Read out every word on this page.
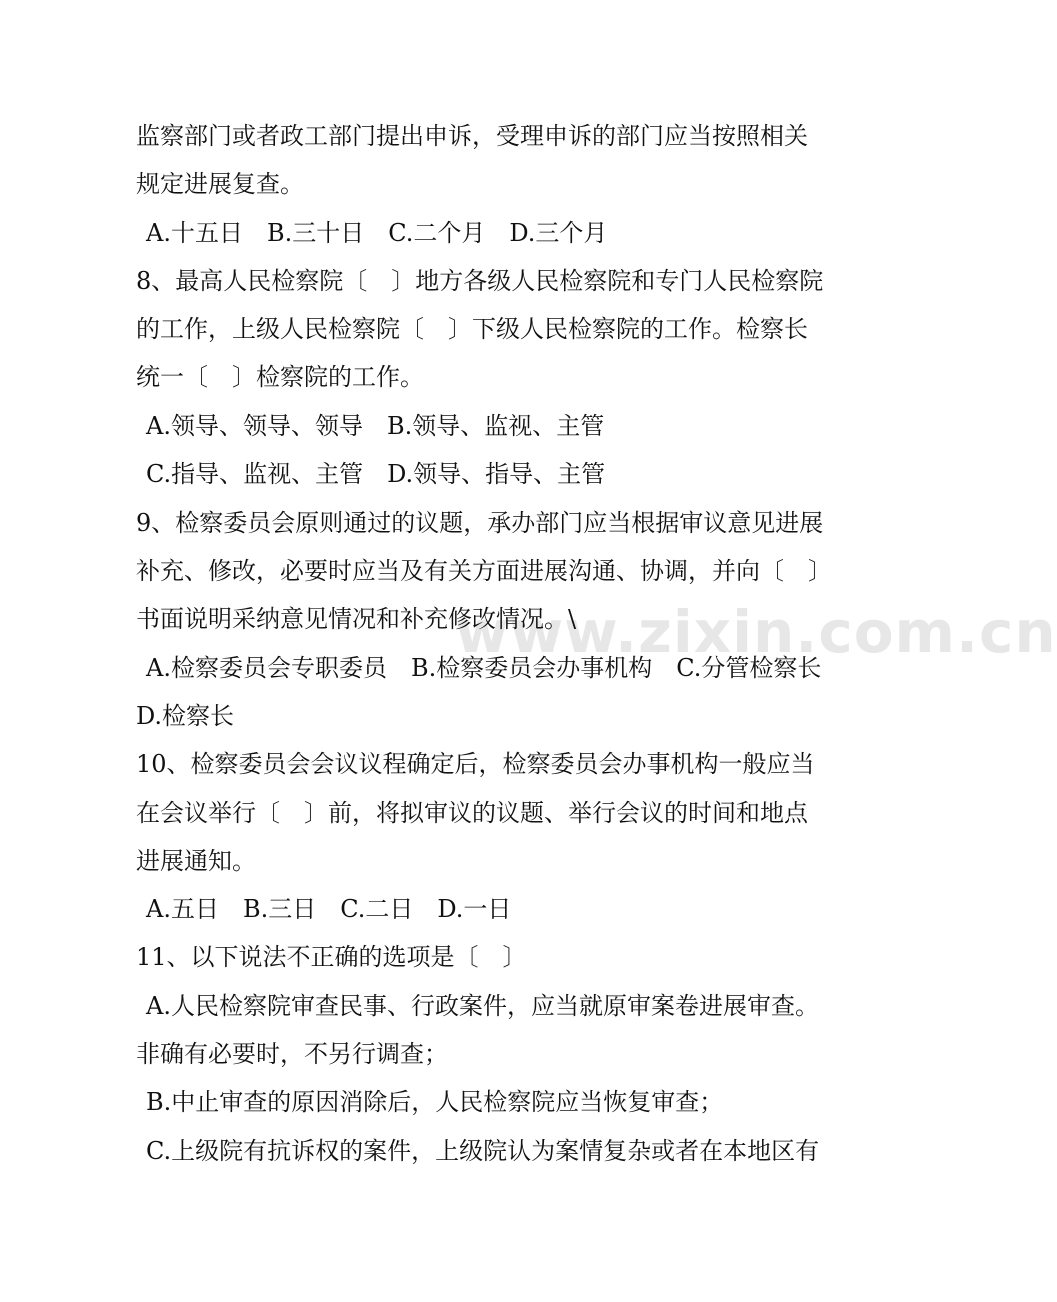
www.zixin.com.cn
监察部门或者政工部门提出申诉，受理申诉的部门应当按照相关
规定进展复查。
A.十五日　B.三十日　C.二个月　D.三个月
8、最高人民检察院〔　〕地方各级人民检察院和专门人民检察院
的工作，上级人民检察院〔　〕下级人民检察院的工作。检察长
统一〔　〕检察院的工作。
A.领导、领导、领导　B.领导、监视、主管
C.指导、监视、主管　D.领导、指导、主管
9、检察委员会原则通过的议题，承办部门应当根据审议意见进展
补充、修改，必要时应当及有关方面进展沟通、协调，并向〔　〕
书面说明采纳意见情况和补充修改情况。\
A.检察委员会专职委员　B.检察委员会办事机构　C.分管检察长
D.检察长
10、检察委员会会议议程确定后，检察委员会办事机构一般应当
在会议举行〔　〕前，将拟审议的议题、举行会议的时间和地点
进展通知。
A.五日　B.三日　C.二日　D.一日
11、以下说法不正确的选项是〔　〕
A.人民检察院审查民事、行政案件，应当就原审案卷进展审查。
非确有必要时，不另行调查；
B.中止审查的原因消除后，人民检察院应当恢复审查；
C.上级院有抗诉权的案件，上级院认为案情复杂或者在本地区有
